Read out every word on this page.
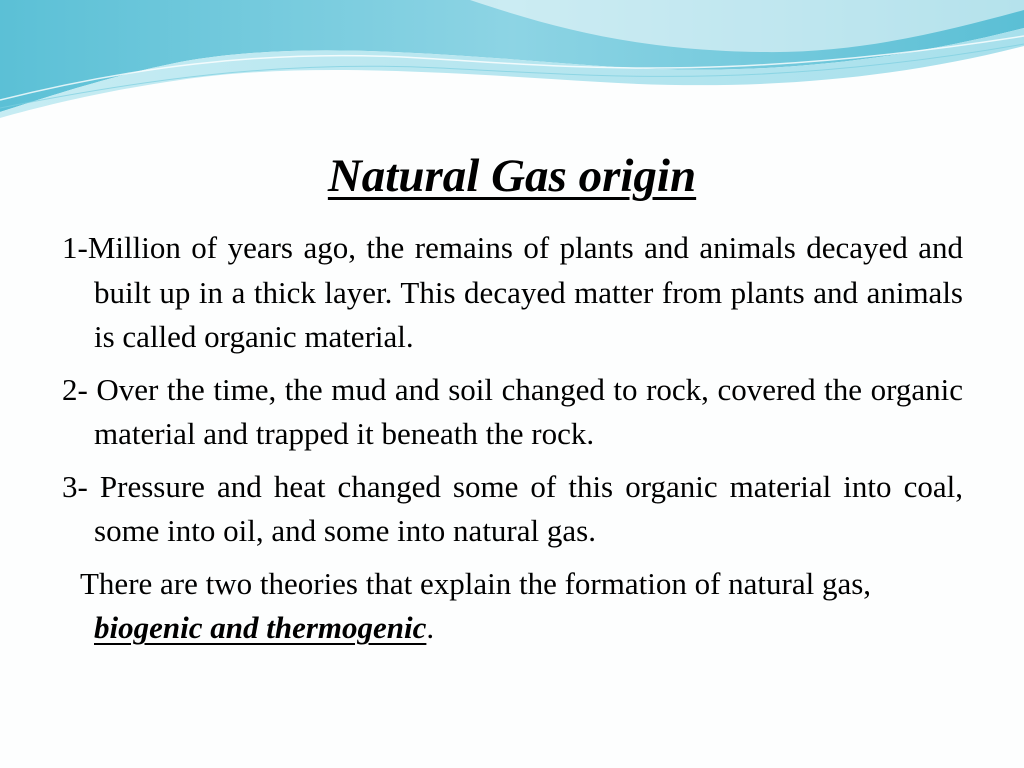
Natural Gas origin

1-Million of years ago, the remains of plants and animals decayed and built up in a thick layer. This decayed matter from plants and animals is called organic material.

2- Over the time, the mud and soil changed to rock, covered the organic material and trapped it beneath the rock.

3- Pressure and heat changed some of this organic material into coal, some into oil, and some into natural gas.

There are two theories that explain the formation of natural gas, biogenic and thermogenic.
